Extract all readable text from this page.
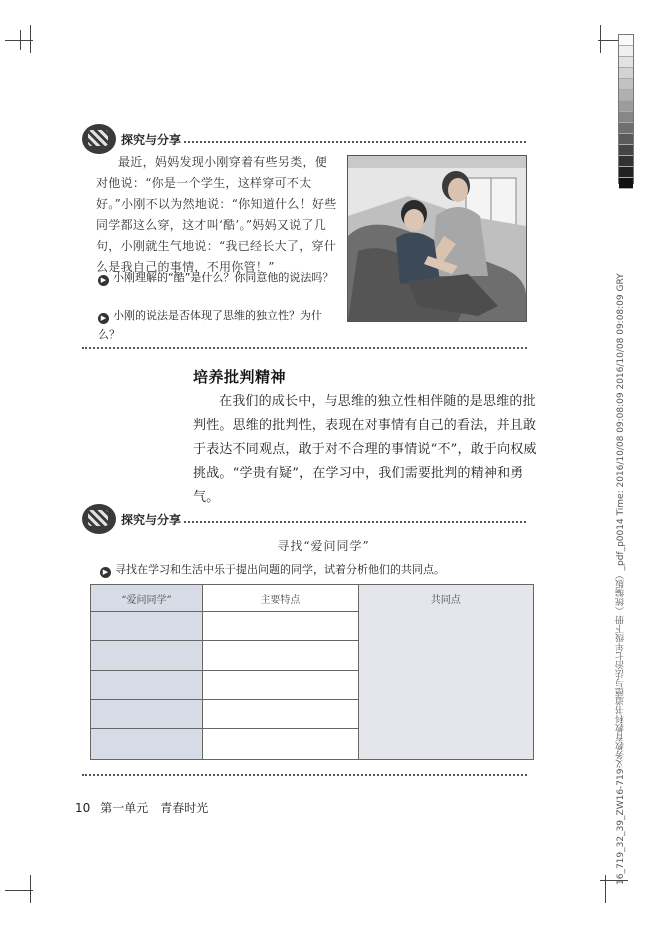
16_719_32_39_ZW16-719义务教育教科书道德与法治七年级下册（统编版）_pdf_p0014 Time: 2016/10/08 09:08:09 2016/10/08 09:08:09 GRY
探究与分享

最近，妈妈发现小刚穿着有些另类，便对他说：“你是一个学生，这样穿可不太好。”小刚不以为然地说：“你知道什么！好些同学都这么穿，这才叫‘酷’。”妈妈又说了几句，小刚就生气地说：“我已经长大了，穿什么是我自己的事情，不用你管！”

▶ 小刚理解的“酷”是什么？你同意他的说法吗？
▶ 小刚的说法是否体现了思维的独立性？为什么？
培养批判精神

在我们的成长中，与思维的独立性相伴随的是思维的批判性。思维的批判性，表现在对事情有自己的看法，并且敢于表达不同观点，敢于对不合理的事情说“不”，敢于向权威挑战。“学贵有疑”，在学习中，我们需要批判的精神和勇气。

探究与分享
寻找“爱问同学”
▶ 寻找在学习和生活中乐于提出问题的同学，试着分析他们的共同点。
“爱问同学”	主要特点	共同点

10 第一单元　青春时光
